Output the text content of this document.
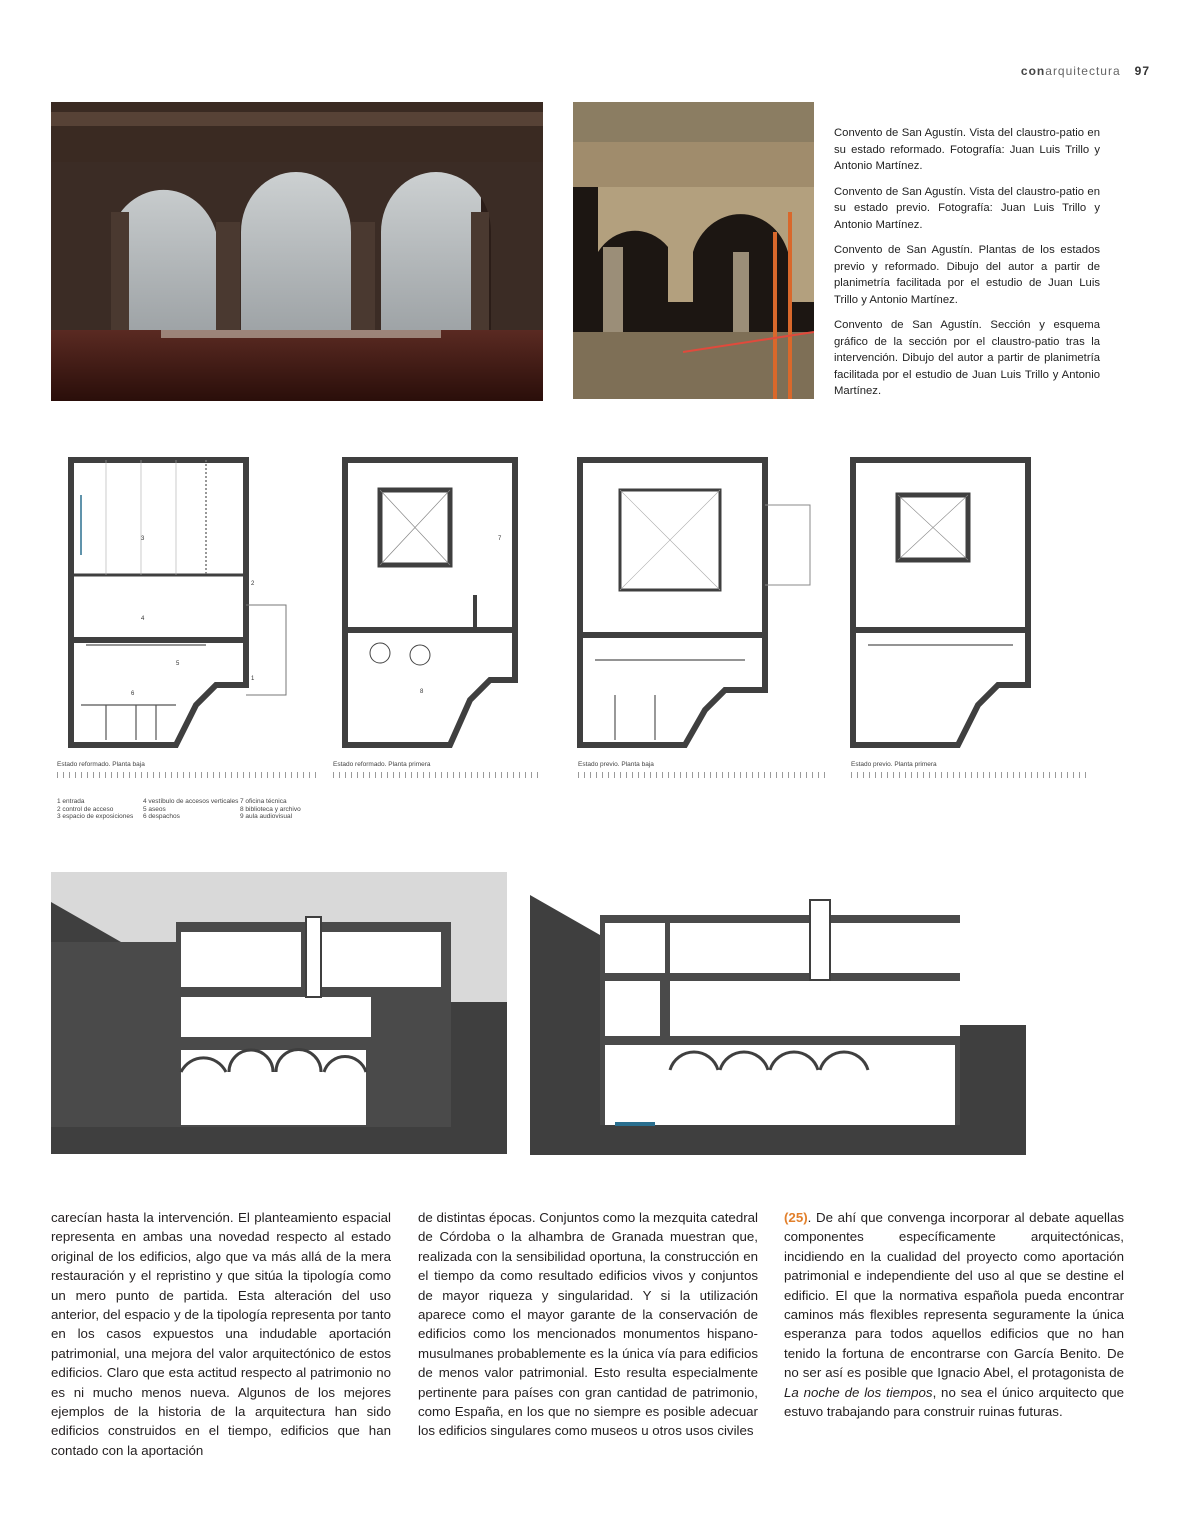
conarquitectura 97

Convento de San Agustín. Vista del claustro-patio en su estado reformado. Fotografía: Juan Luis Trillo y Antonio Martínez.

Convento de San Agustín. Vista del claustro-patio en su estado previo. Fotografía: Juan Luis Trillo y Antonio Martínez.

Convento de San Agustín. Plantas de los estados previo y reformado. Dibujo del autor a partir de planimetría facilitada por el estudio de Juan Luis Trillo y Antonio Martínez.

Convento de San Agustín. Sección y esquema gráfico de la sección por el claustro-patio tras la intervención. Dibujo del autor a partir de planimetría facilitada por el estudio de Juan Luis Trillo y Antonio Martínez.

3
2
4
5
6
1
Estado reformado. Planta baja
7
8
Estado reformado. Planta primera	Estado previo. Planta baja	Estado previo. Planta primera
1 entrada
2 control de acceso
3 espacio de exposiciones
4 vestíbulo de accesos verticales
5 aseos
6 despachos
7 oficina técnica
8 biblioteca y archivo
9 aula audiovisual
carecían hasta la intervención. El planteamiento espacial representa en ambas una novedad respecto al estado original de los edificios, algo que va más allá de la mera restauración y el repristino y que sitúa la tipología como un mero punto de partida. Esta alteración del uso anterior, del espacio y de la tipología representa por tanto en los casos expuestos una indudable aportación patrimonial, una mejora del valor arquitectónico de estos edificios. Claro que esta actitud respecto al patrimonio no es ni mucho menos nueva. Algunos de los mejores ejemplos de la historia de la arquitectura han sido edificios construidos en el tiempo, edificios que han contado con la aportación
de distintas épocas. Conjuntos como la mezquita catedral de Córdoba o la alhambra de Granada muestran que, realizada con la sensibilidad oportuna, la construcción en el tiempo da como resultado edificios vivos y conjuntos de mayor riqueza y singularidad. Y si la utilización aparece como el mayor garante de la conservación de edificios como los mencionados monumentos hispano-musulmanes probablemente es la única vía para edificios de menos valor patrimonial. Esto resulta especialmente pertinente para países con gran cantidad de patrimonio, como España, en los que no siempre es posible adecuar los edificios singulares como museos u otros usos civiles
(25). De ahí que convenga incorporar al debate aquellas componentes específicamente arquitectónicas, incidiendo en la cualidad del proyecto como aportación patrimonial e independiente del uso al que se destine el edificio. El que la normativa española pueda encontrar caminos más flexibles representa seguramente la única esperanza para todos aquellos edificios que no han tenido la fortuna de encontrarse con García Benito. De no ser así es posible que Ignacio Abel, el protagonista de La noche de los tiempos, no sea el único arquitecto que estuvo trabajando para construir ruinas futuras.
